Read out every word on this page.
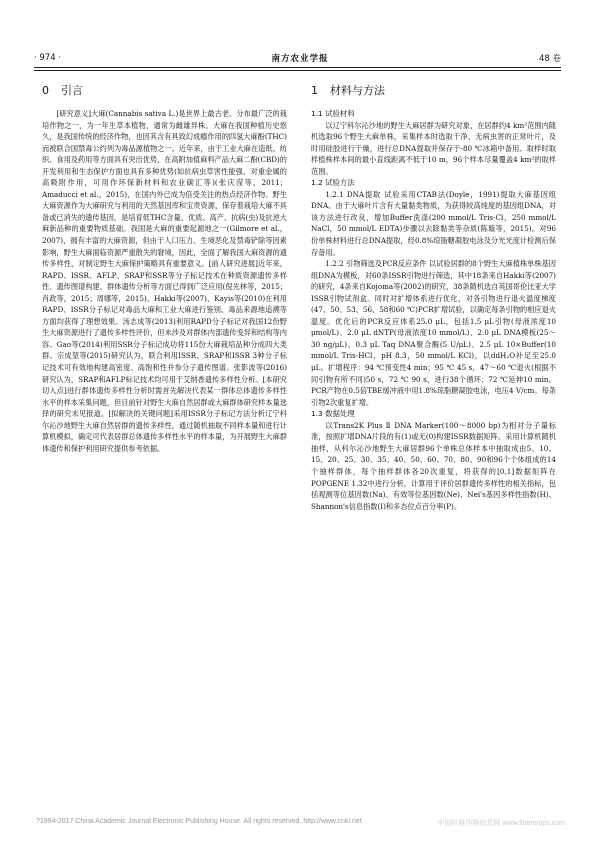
· 974 ·	南方农业学报	48 卷
0 引言

[研究意义]大麻(Cannabis sativa L.)是世界上最古老、分布最广泛的栽培作物之一，为一年生草本植物，通常为雌雄异株。大麻在我国种植历史悠久，是我国传统的经济作物，也因其含有具致幻成瘾作用的四氢大麻酚(THC)而被联合国禁毒公约列为毒品源植物之一。近年来，由于工业大麻在造纸、纺织、食用及药用等方面具有突出优势，在高附加值麻料产品大麻二酚(CBD)的开发利用和生态保护方面也具有多种优势(如抗病虫草害性能强、对重金属的高吸附作用，可用作环保新材料和农业碳汇等)(张庆滢等，2011；Amaducci et al.，2015)，在国内外已成为倍受关注的热点经济作物。野生大麻资源作为大麻研究与利用的天然基因库和宝贵资源，保存着栽培大麻不具备或已消失的遗传基因，是培育低THC含量、优质、高产、抗病(虫)及抗逆大麻新品种的重要物质基础。我国是大麻的重要起源地之一(Gilmore et al.，2007)，拥有丰富的大麻资源，但由于人口压力、生境恶化及禁毒铲除等因素影响，野生大麻面临资源严重散失的窘境，因此，全面了解我国大麻资源的遗传多样性，对制定野生大麻保护策略具有重要意义。[前人研究进展]近年来，RAPD、ISSR、AFLP、SRAP和SSR等分子标记技术在种质资源遗传多样性、遗传图谱构建、群体遗传分析等方面已得到广泛应用(倪先林等，2015；肖政等，2015；周娜等，2015)。Hakki等(2007)、Kayis等(2010)在利用RAPD、ISSR分子标记对毒品大麻和工业大麻进行鉴别、毒品来源地追溯等方面均获得了理想效果。汤志成等(2013)利用RAPD分子标记对我国12份野生大麻资源进行了遗传多样性评价，但未涉及对群体内部遗传变异和结构等内容。Gao等(2014)利用SSR分子标记成功将115份大麻栽培品种分成四大类群。宗成堃等(2015)研究认为，联合利用ISSR、SRAP和ISSR 3种分子标记技术可有效地构建高密度、高饱和性并参分子遗传图谱。张影波等(2016)研究认为，SRAP和AFLP标记技术均可用于艾纳香遗传多样性分析。[本研究切入点]进行群体遗传多样性分析时需首先解决代表某一群体总体遗传多样性水平的样本采集问题，但目前针对野生大麻自然居群或大麻群体研究样本量选择的研究未见报道。[拟解决的关键问题]采用ISSR分子标记方法分析辽宁科尔沁沙地野生大麻自然居群的遗传多样性，通过随机抽取不同样本量和进行计算机模拟，确定可代表居群总体遗传多样性水平的样本量，为开展野生大麻群体遗传和保护利用研究提供参考依据。

1 材料与方法
1.1 试验材料

以辽宁科尔沁沙地的野生大麻居群为研究对象，在居群约4 km²范围内随机选取96个野生大麻单株，采集样本时选取干净、无病虫害的正常叶片，及时用硅胶进行干燥，进行总DNA提取并保存于-80 ℃冰箱中备用。取样时取样植株样本间的最小直线距离不低于10 m，96个样本尽量覆盖4 km²的取样范围。

1.2 试验方法

1.2.1 DNA提取 试验采用CTAB法(Doyle，1991)提取大麻基因组DNA。由于大麻叶片含有大量黏类物质，为获得较高纯度的基因组DNA，对该方法进行改良，增加Buffer洗涤(200 mmol/L Tris-Cl，250 mmol/L NaCl，50 mmol/L EDTA)步骤以去除黏类等杂质(陈璇等，2015)。对96份单株材料进行总DNA提取，经0.8%琼脂糖凝胶电泳及分光光度计检测后保存备用。

1.2.2 引物筛选及PCR反应条件 以试验居群的8个野生大麻植株单株基因组DNA为模板，对60条ISSR引物进行筛选，其中18条来自Hakki等(2007)的研究，4条来自Kojoma等(2002)的研究，38条随机选自英国哥伦比亚大学ISSR引物试剂盒。同时对扩增体系进行优化，对各引物进行退火温度梯度(47、50、53、56、58和60 ℃)PCR扩增试验，以确定每条引物的相应退火温度。优化后的PCR反应体系25.0 μL，包括1.5 μL引物(母液浓度10 μmol/L)、2.0 μL dNTP(母液浓度10 mmol/L)、2.0 μL DNA模板(25～30 ng/μL)、0.3 μL Taq DNA聚合酶(5 U/μL)、2.5 μL 10×Buffer(10 mmol/L Tris-HCl，pH 8.3，50 mmol/L KCl)，以ddH₂O补足至25.0 μL。扩增程序：94 ℃预变性4 min；95 ℃ 45 s，47～60 ℃退火(根据不同引物有所不同)50 s，72 ℃ 90 s，进行38个循环；72 ℃延伸10 min。PCR产物在0.5倍TBE缓冲液中用1.8%琼脂糖凝胶电泳，电压4 V/cm。每条引物2次重复扩增。

1.3 数据处理

以Trans2K Plus Ⅱ DNA Marker(100～8000 bp)为相对分子量标准，按照扩增DNA片段的有(1)或无(0)构建ISSR数据矩阵。采用计算机随机抽样，从科尔沁沙地野生大麻居群96个单株总体样本中抽取成由5、10、15、20、25、30、35、40、50、60、70、80、90和96个个体组成的14个抽样群体，每个抽样群体各20次重复，将获得的[0,1]数据矩阵在POPGENE 1.32中进行分析，计算用于评价居群遗传多样性的相关指标，包括观测等位基因数(Na)、有效等位基因数(Ne)、Nei's基因多样性指数(H)、Shannon's信息指数(I)和多态位点百分率(P)。

?1994-2017 China Academic Journal Electronic Publishing House. All rights reserved. http://www.cnki.net	中国纤维作物信息网 www.fibercrops.com
